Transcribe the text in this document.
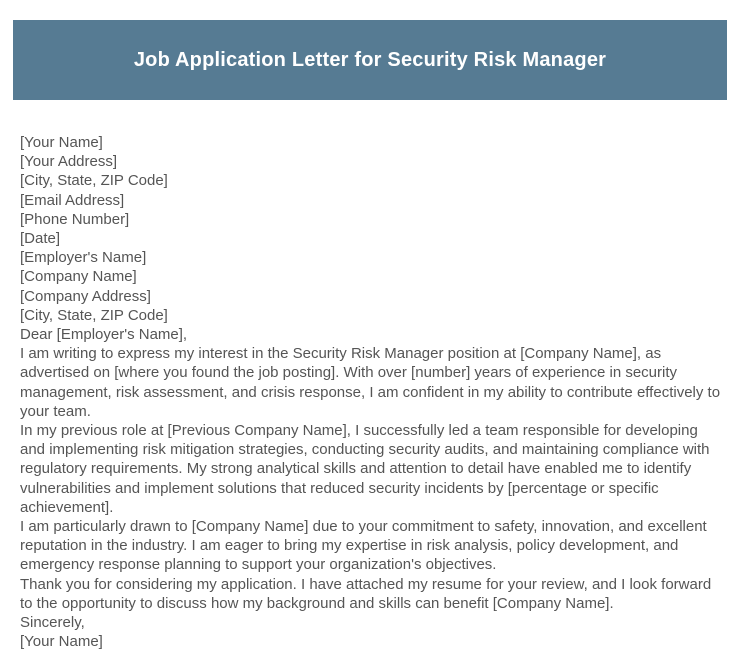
Job Application Letter for Security Risk Manager
[Your Name]
[Your Address]
[City, State, ZIP Code]
[Email Address]
[Phone Number]
[Date]
[Employer's Name]
[Company Name]
[Company Address]
[City, State, ZIP Code]
Dear [Employer's Name],
I am writing to express my interest in the Security Risk Manager position at [Company Name], as advertised on [where you found the job posting]. With over [number] years of experience in security management, risk assessment, and crisis response, I am confident in my ability to contribute effectively to your team.
In my previous role at [Previous Company Name], I successfully led a team responsible for developing and implementing risk mitigation strategies, conducting security audits, and maintaining compliance with regulatory requirements. My strong analytical skills and attention to detail have enabled me to identify vulnerabilities and implement solutions that reduced security incidents by [percentage or specific achievement].
I am particularly drawn to [Company Name] due to your commitment to safety, innovation, and excellent reputation in the industry. I am eager to bring my expertise in risk analysis, policy development, and emergency response planning to support your organization's objectives.
Thank you for considering my application. I have attached my resume for your review, and I look forward to the opportunity to discuss how my background and skills can benefit [Company Name].
Sincerely,
[Your Name]
